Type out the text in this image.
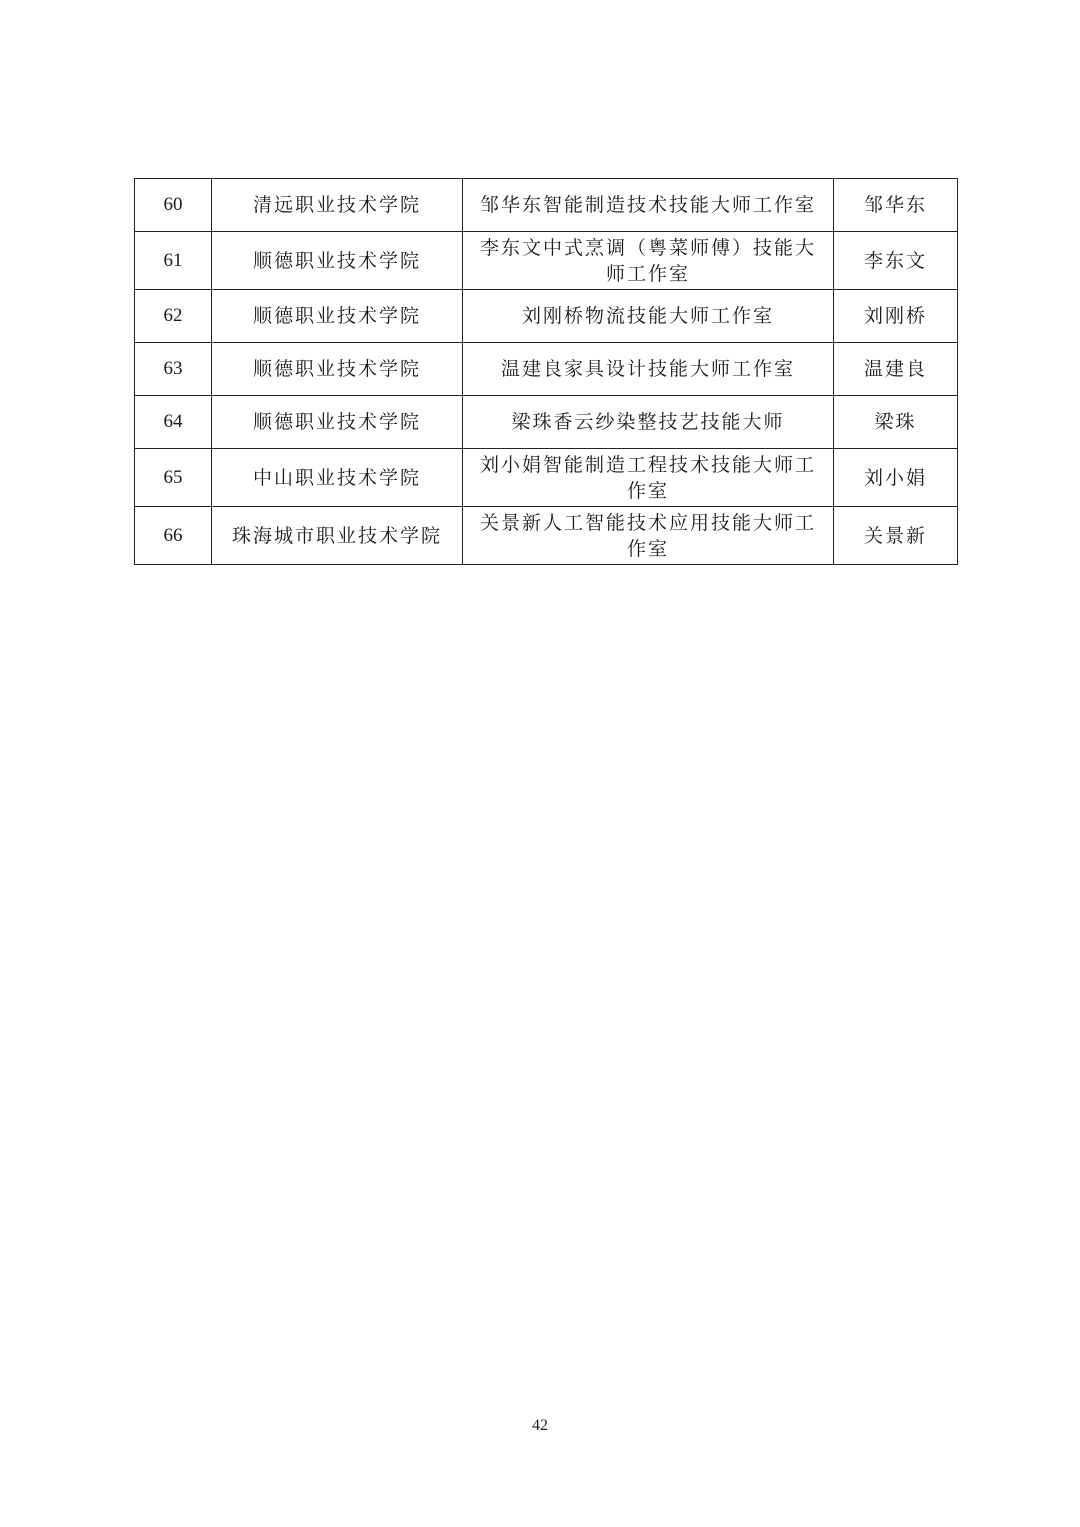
60	清远职业技术学院	邹华东智能制造技术技能大师工作室	邹华东
61	顺德职业技术学院	李东文中式烹调（粤菜师傅）技能大师工作室	李东文
62	顺德职业技术学院	刘刚桥物流技能大师工作室	刘刚桥
63	顺德职业技术学院	温建良家具设计技能大师工作室	温建良
64	顺德职业技术学院	梁珠香云纱染整技艺技能大师	梁珠
65	中山职业技术学院	刘小娟智能制造工程技术技能大师工作室	刘小娟
66	珠海城市职业技术学院	关景新人工智能技术应用技能大师工作室	关景新
42
